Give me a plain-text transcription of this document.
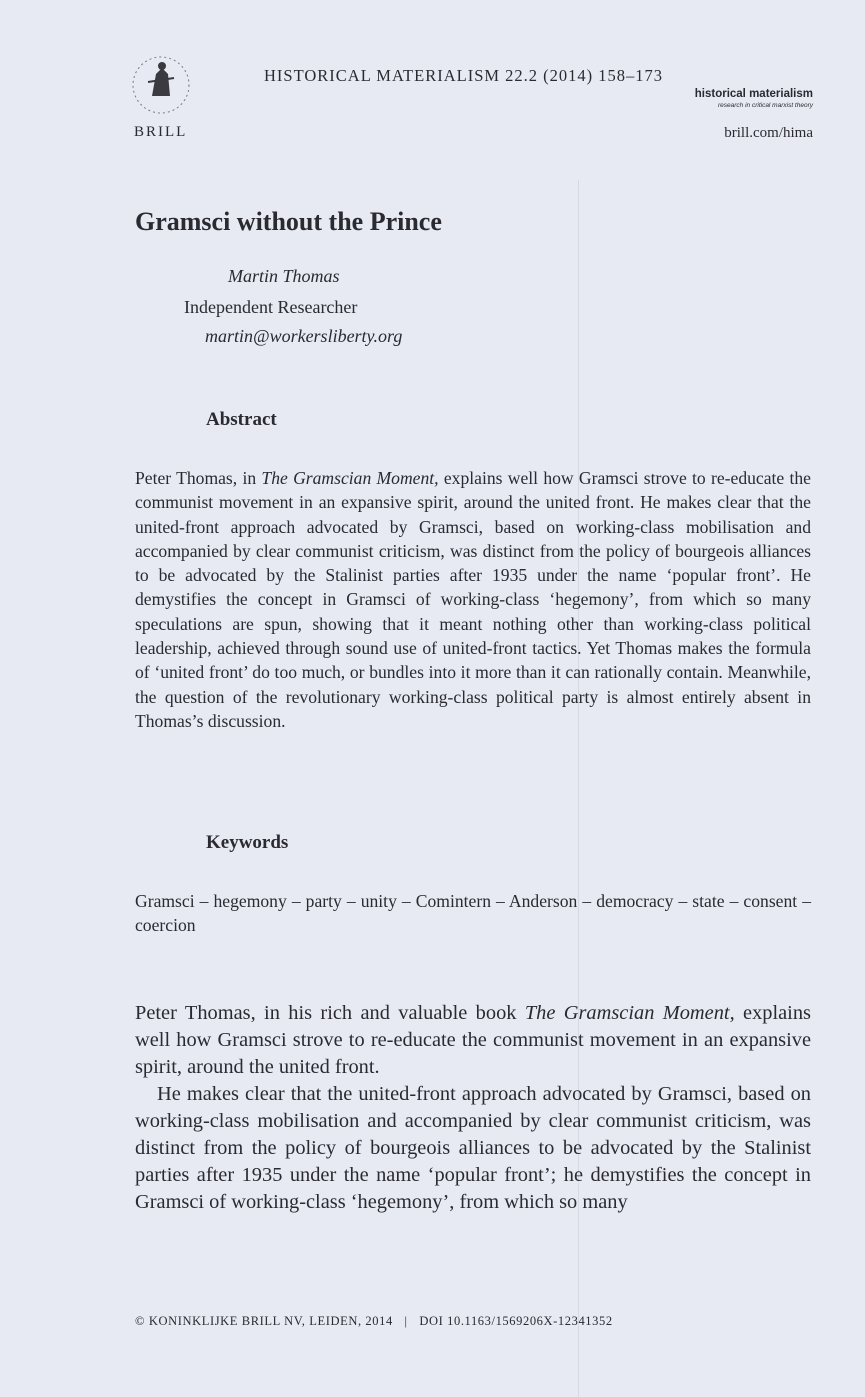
BRILL
HISTORICAL MATERIALISM 22.2 (2014) 158–173
historical materialism
research in critical marxist theory
brill.com/hima
Gramsci without the Prince
Martin Thomas
Independent Researcher
martin@workersliberty.org
Abstract
Peter Thomas, in The Gramscian Moment, explains well how Gramsci strove to re-educate the communist movement in an expansive spirit, around the united front. He makes clear that the united-front approach advocated by Gramsci, based on working-class mobilisation and accompanied by clear communist criticism, was distinct from the policy of bourgeois alliances to be advocated by the Stalinist parties after 1935 under the name ‘popular front’. He demystifies the concept in Gramsci of working-class ‘hegemony’, from which so many speculations are spun, showing that it meant nothing other than working-class political leadership, achieved through sound use of united-front tactics. Yet Thomas makes the formula of ‘united front’ do too much, or bundles into it more than it can rationally contain. Meanwhile, the question of the revolutionary working-class political party is almost entirely absent in Thomas’s discussion.
Keywords
Gramsci – hegemony – party – unity – Comintern – Anderson – democracy – state – consent – coercion

Peter Thomas, in his rich and valuable book The Gramscian Moment, explains well how Gramsci strove to re-educate the communist movement in an expansive spirit, around the united front.

He makes clear that the united-front approach advocated by Gramsci, based on working-class mobilisation and accompanied by clear communist criticism, was distinct from the policy of bourgeois alliances to be advocated by the Stalinist parties after 1935 under the name ‘popular front’; he demystifies the concept in Gramsci of working-class ‘hegemony’, from which so many

© KONINKLIJKE BRILL NV, LEIDEN, 2014 | DOI 10.1163/1569206X-12341352
